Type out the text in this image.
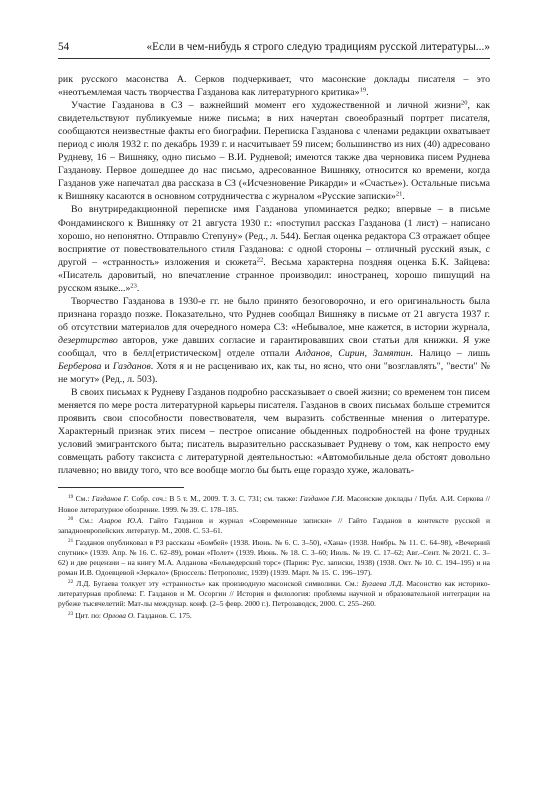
54	«Если в чем-нибудь я строго следую традициям русской литературы...»

рик русского масонства А. Серков подчеркивает, что масонские доклады писателя – это «неотъемлемая часть творчества Газданова как литературного критика»$^{19}$.

Участие Газданова в СЗ – важнейший момент его художественной и личной жизни$^{20}$, как свидетельствуют публикуемые ниже письма; в них начертан своеобразный портрет писателя, сообщаются неизвестные факты его биографии. Переписка Газданова с членами редакции охватывает период с июля 1932 г. по декабрь 1939 г. и насчитывает 59 писем; большинство из них (40) адресовано Рудневу, 16 – Вишняку, одно письмо – В.И. Рудневой; имеются также два черновика писем Руднева Газданову. Первое дошедшее до нас письмо, адресованное Вишняку, относится ко времени, когда Газданов уже напечатал два рассказа в СЗ («Исчезновение Рикарди» и «Счастье»). Остальные письма к Вишняку касаются в основном сотрудничества с журналом «Русские записки»$^{21}$.

Во внутриредакционной переписке имя Газданова упоминается редко; впервые – в письме Фондаминского к Вишняку от 21 августа 1930 г.: «поступил рассказ Газданова (1 лист) – написано хорошо, но непонятно. Отправлю Степуну» (Ред., л. 544). Беглая оценка редактора СЗ отражает общее восприятие от повествовательного стиля Газданова: с одной стороны – отличный русский язык, с другой – «странность» изложения и сюжета$^{22}$. Весьма характерна поздняя оценка Б.К. Зайцева: «Писатель даровитый, но впечатление странное производил: иностранец, хорошо пишущий на русском языке...»$^{23}$.

Творчество Газданова в 1930-е гг. не было принято безоговорочно, и его оригинальность была признана гораздо позже. Показательно, что Руднев сообщал Вишняку в письме от 21 августа 1937 г. об отсутствии материалов для очередного номера СЗ: «Небывалое, мне кажется, в истории журнала, дезертирство авторов, уже давших согласие и гарантировавших свои статьи для книжки. Я уже сообщал, что в белл[етристическом] отделе отпали Алданов, Сирин, Замятин. Налицо – лишь Берберова и Газданов. Хотя я и не расцениваю их, как ты, но ясно, что они "возглавлять", "вести" № не могут» (Ред., л. 503).

В своих письмах к Рудневу Газданов подробно рассказывает о своей жизни; со временем тон писем меняется по мере роста литературной карьеры писателя. Газданов в своих письмах больше стремится проявить свои способности повествователя, чем выразить собственные мнения о литературе. Характерный признак этих писем – пестрое описание обыденных подробностей на фоне трудных условий эмигрантского быта; писатель выразительно рассказывает Рудневу о том, как непросто ему совмещать работу таксиста с литературной деятельностью: «Автомобильные дела обстоят довольно плачевно; но ввиду того, что все вообще могло бы быть еще гораздо хуже, жаловать-

$^{19}$ См.: Газданов Г. Собр. соч.: В 5 т. М., 2009. Т. 3. С. 731; см. также: Газданов Г.И. Масонские доклады / Публ. А.И. Серкова // Новое литературное обозрение. 1999. № 39. С. 178–185.

$^{20}$ См.: Азаров Ю.А. Гайто Газданов и журнал «Современные записки» // Гайто Газданов в контексте русской и западноевропейских литератур. М., 2008. С. 53–61.

$^{21}$ Газданов опубликовал в РЗ рассказы «Бомбей» (1938. Июнь. № 6. С. 3–50), «Хана» (1938. Ноябрь. № 11. С. 64–98), «Вечерний спутник» (1939. Апр. № 16. С. 62–89), роман «Полет» (1939. Июнь. № 18. С. 3–60; Июль. № 19. С. 17–62; Авг.–Сент. № 20/21. С. 3–62) и две рецензии – на книгу М.А. Алданова «Бельведерский торс» (Париж: Рус. записки, 1938) (1938. Окт. № 10. С. 194–195) и на роман И.В. Одоевцевой «Зеркало» (Брюссель: Петрополис, 1939) (1939. Март. № 15. С. 196–197).

$^{22}$ Л.Д. Бугаева толкует эту «странность» как производную масонской символики. См.: Бугаева Л.Д. Масонство как историко-литературная проблема: Г. Газданов и М. Осоргин // История и филология: проблемы научной и образовательной интеграции на рубеже тысячелетий: Мат-лы междунар. конф. (2–5 февр. 2000 г.). Петрозаводск, 2000. С. 255–260.

$^{23}$ Цит. по: Орлова О. Газданов. С. 175.
